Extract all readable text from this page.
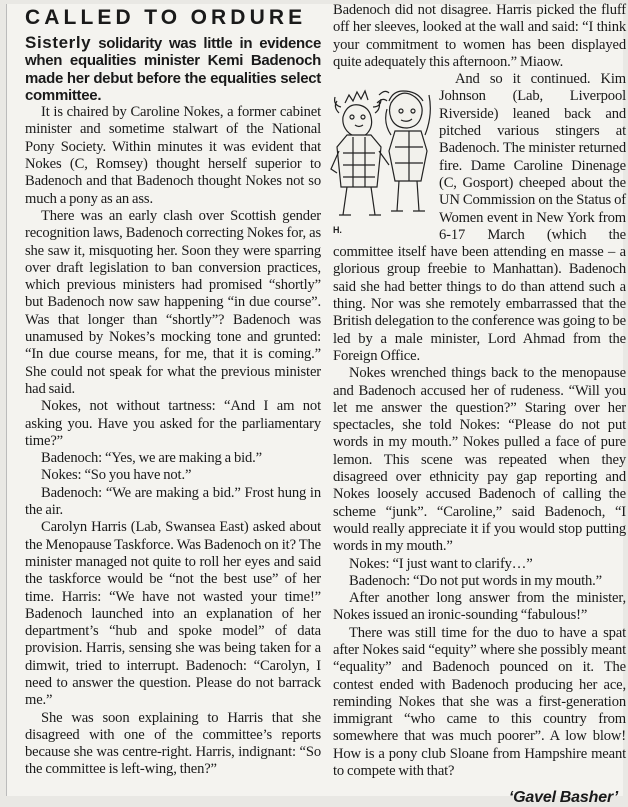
CALLED TO ORDURE

Sisterly solidarity was little in evidence when equalities minister Kemi Badenoch made her debut before the equalities select committee.

It is chaired by Caroline Nokes, a former cabinet minister and sometime stalwart of the National Pony Society. Within minutes it was evident that Nokes (C, Romsey) thought herself superior to Badenoch and that Badenoch thought Nokes not so much a pony as an ass.

There was an early clash over Scottish gender recognition laws, Badenoch correcting Nokes for, as she saw it, misquoting her. Soon they were sparring over draft legislation to ban conversion practices, which previous ministers had promised “shortly” but Badenoch now saw happening “in due course”. Was that longer than “shortly”? Badenoch was unamused by Nokes’s mocking tone and grunted: “In due course means, for me, that it is coming.” She could not speak for what the previous minister had said.

Nokes, not without tartness: “And I am not asking you. Have you asked for the parliamentary time?”

Badenoch: “Yes, we are making a bid.”

Nokes: “So you have not.”

Badenoch: “We are making a bid.” Frost hung in the air.

Carolyn Harris (Lab, Swansea East) asked about the Menopause Taskforce. Was Badenoch on it? The minister managed not quite to roll her eyes and said the taskforce would be “not the best use” of her time. Harris: “We have not wasted your time!” Badenoch launched into an explanation of her department’s “hub and spoke model” of data provision. Harris, sensing she was being taken for a dimwit, tried to interrupt. Badenoch: “Carolyn, I need to answer the question. Please do not barrack me.”

She was soon explaining to Harris that she disagreed with one of the committee’s reports because she was centre-right. Harris, indignant: “So the committee is left-wing, then?”

Badenoch did not disagree. Harris picked the fluff off her sleeves, looked at the wall and said: “I think your commitment to women has been displayed quite adequately this afternoon.” Miaow.

H.
And so it continued. Kim Johnson (Lab, Liverpool Riverside) leaned back and pitched various stingers at Badenoch. The minister returned fire. Dame Caroline Dinenage (C, Gosport) cheeped about the UN Commission on the Status of Women event in New York from 6-17 March (which the committee itself have been attending en masse – a glorious group freebie to Manhattan). Badenoch said she had better things to do than attend such a thing. Nor was she remotely embarrassed that the British delegation to the conference was going to be led by a male minister, Lord Ahmad from the Foreign Office.

Nokes wrenched things back to the menopause and Badenoch accused her of rudeness. “Will you let me answer the question?” Staring over her spectacles, she told Nokes: “Please do not put words in my mouth.” Nokes pulled a face of pure lemon. This scene was repeated when they disagreed over ethnicity pay gap reporting and Nokes loosely accused Badenoch of calling the scheme “junk”. “Caroline,” said Badenoch, “I would really appreciate it if you would stop putting words in my mouth.”

Nokes: “I just want to clarify…”

Badenoch: “Do not put words in my mouth.”

After another long answer from the minister, Nokes issued an ironic-sounding “fabulous!”

There was still time for the duo to have a spat after Nokes said “equity” where she possibly meant “equality” and Badenoch pounced on it. The contest ended with Badenoch producing her ace, reminding Nokes that she was a first-generation immigrant “who came to this country from somewhere that was much poorer”. A low blow! How is a pony club Sloane from Hampshire meant to compete with that?

‘Gavel Basher’
